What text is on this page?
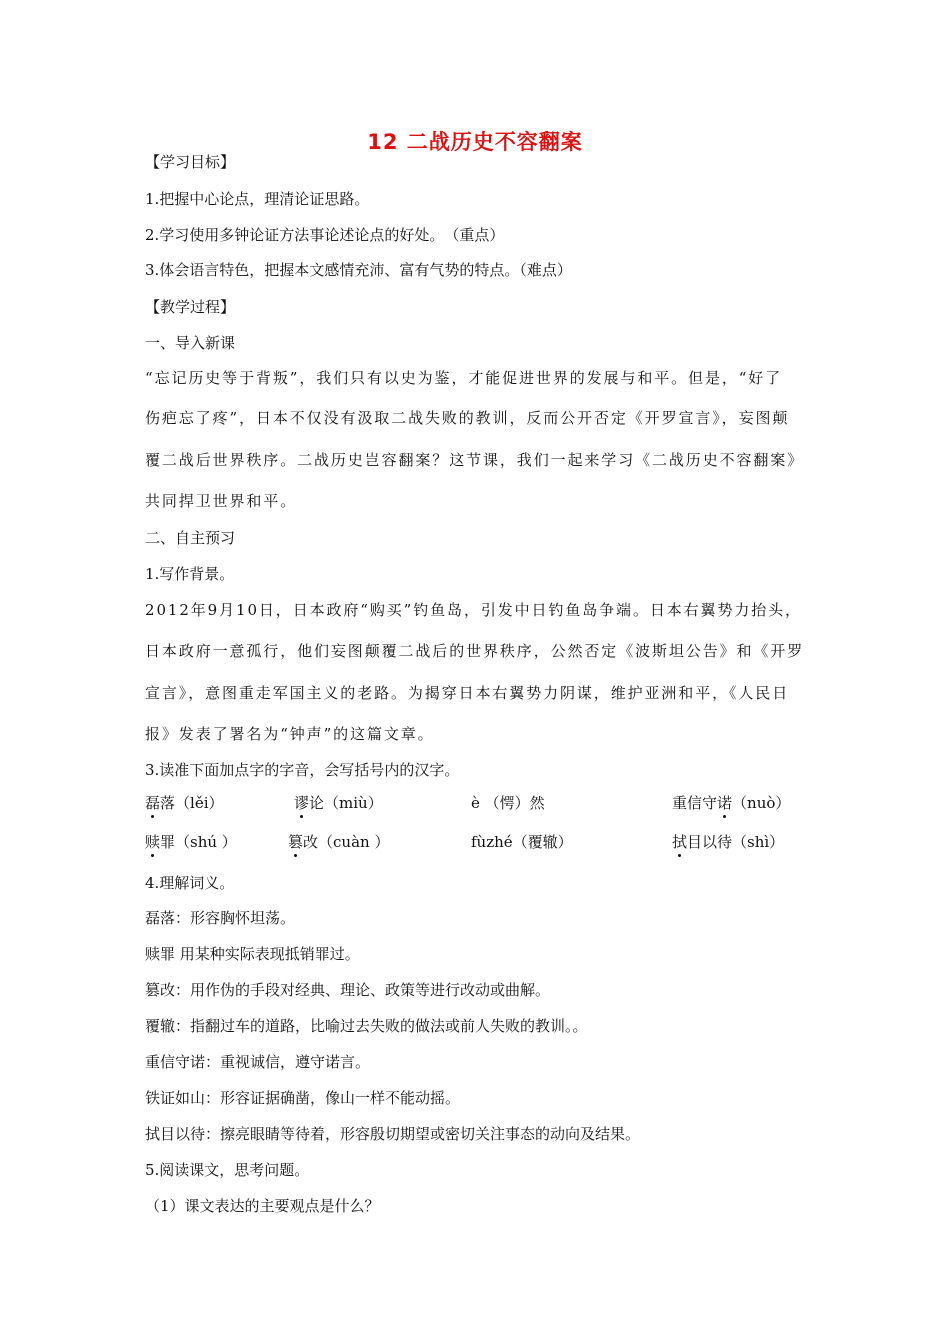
12 二战历史不容翻案
【学习目标】
1.把握中心论点，理清论证思路。
2.学习使用多钟论证方法事论述论点的好处。　（重点）
3.体会语言特色，把握本文感情充沛、富有气势的特点。（难点）
【教学过程】
一、导入新课
“忘记历史等于背叛”，我们只有以史为鉴，才能促进世界的发展与和平。但是，“好了
伤疤忘了疼”，日本不仅没有汲取二战失败的教训，反而公开否定《开罗宣言》，妄图颠
覆二战后世界秩序。二战历史岂容翻案？这节课，我们一起来学习《二战历史不容翻案》
共同捍卫世界和平。
二、自主预习
1.写作背景。
2012年9月10日，日本政府“购买”钓鱼岛，引发中日钓鱼岛争端。日本右翼势力抬头，
日本政府一意孤行，他们妄图颠覆二战后的世界秩序，公然否定《波斯坦公告》和《开罗
宣言》，意图重走军国主义的老路。为揭穿日本右翼势力阴谋，维护亚洲和平，《人民日
报》发表了署名为“钟声”的这篇文章。
3.读准下面加点字的字音，会写括号内的汉字。
磊落（lěi）	谬论（miù）	è （愕）然	重信守诺（nuò）
赎罪（shú ）	篡改（cuàn ）	fùzhé（覆辙）	拭目以待（shì）
4.理解词义。
磊落：形容胸怀坦荡。
赎罪 用某种实际表现抵销罪过。
篡改：用作伪的手段对经典、理论、政策等进行改动或曲解。
覆辙：指翻过车的道路，比喻过去失败的做法或前人失败的教训。。
重信守诺：重视诚信，遵守诺言。
铁证如山：形容证据确凿，像山一样不能动摇。
拭目以待：擦亮眼睛等待着，形容殷切期望或密切关注事态的动向及结果。
5.阅读课文，思考问题。
（1）课文表达的主要观点是什么？
